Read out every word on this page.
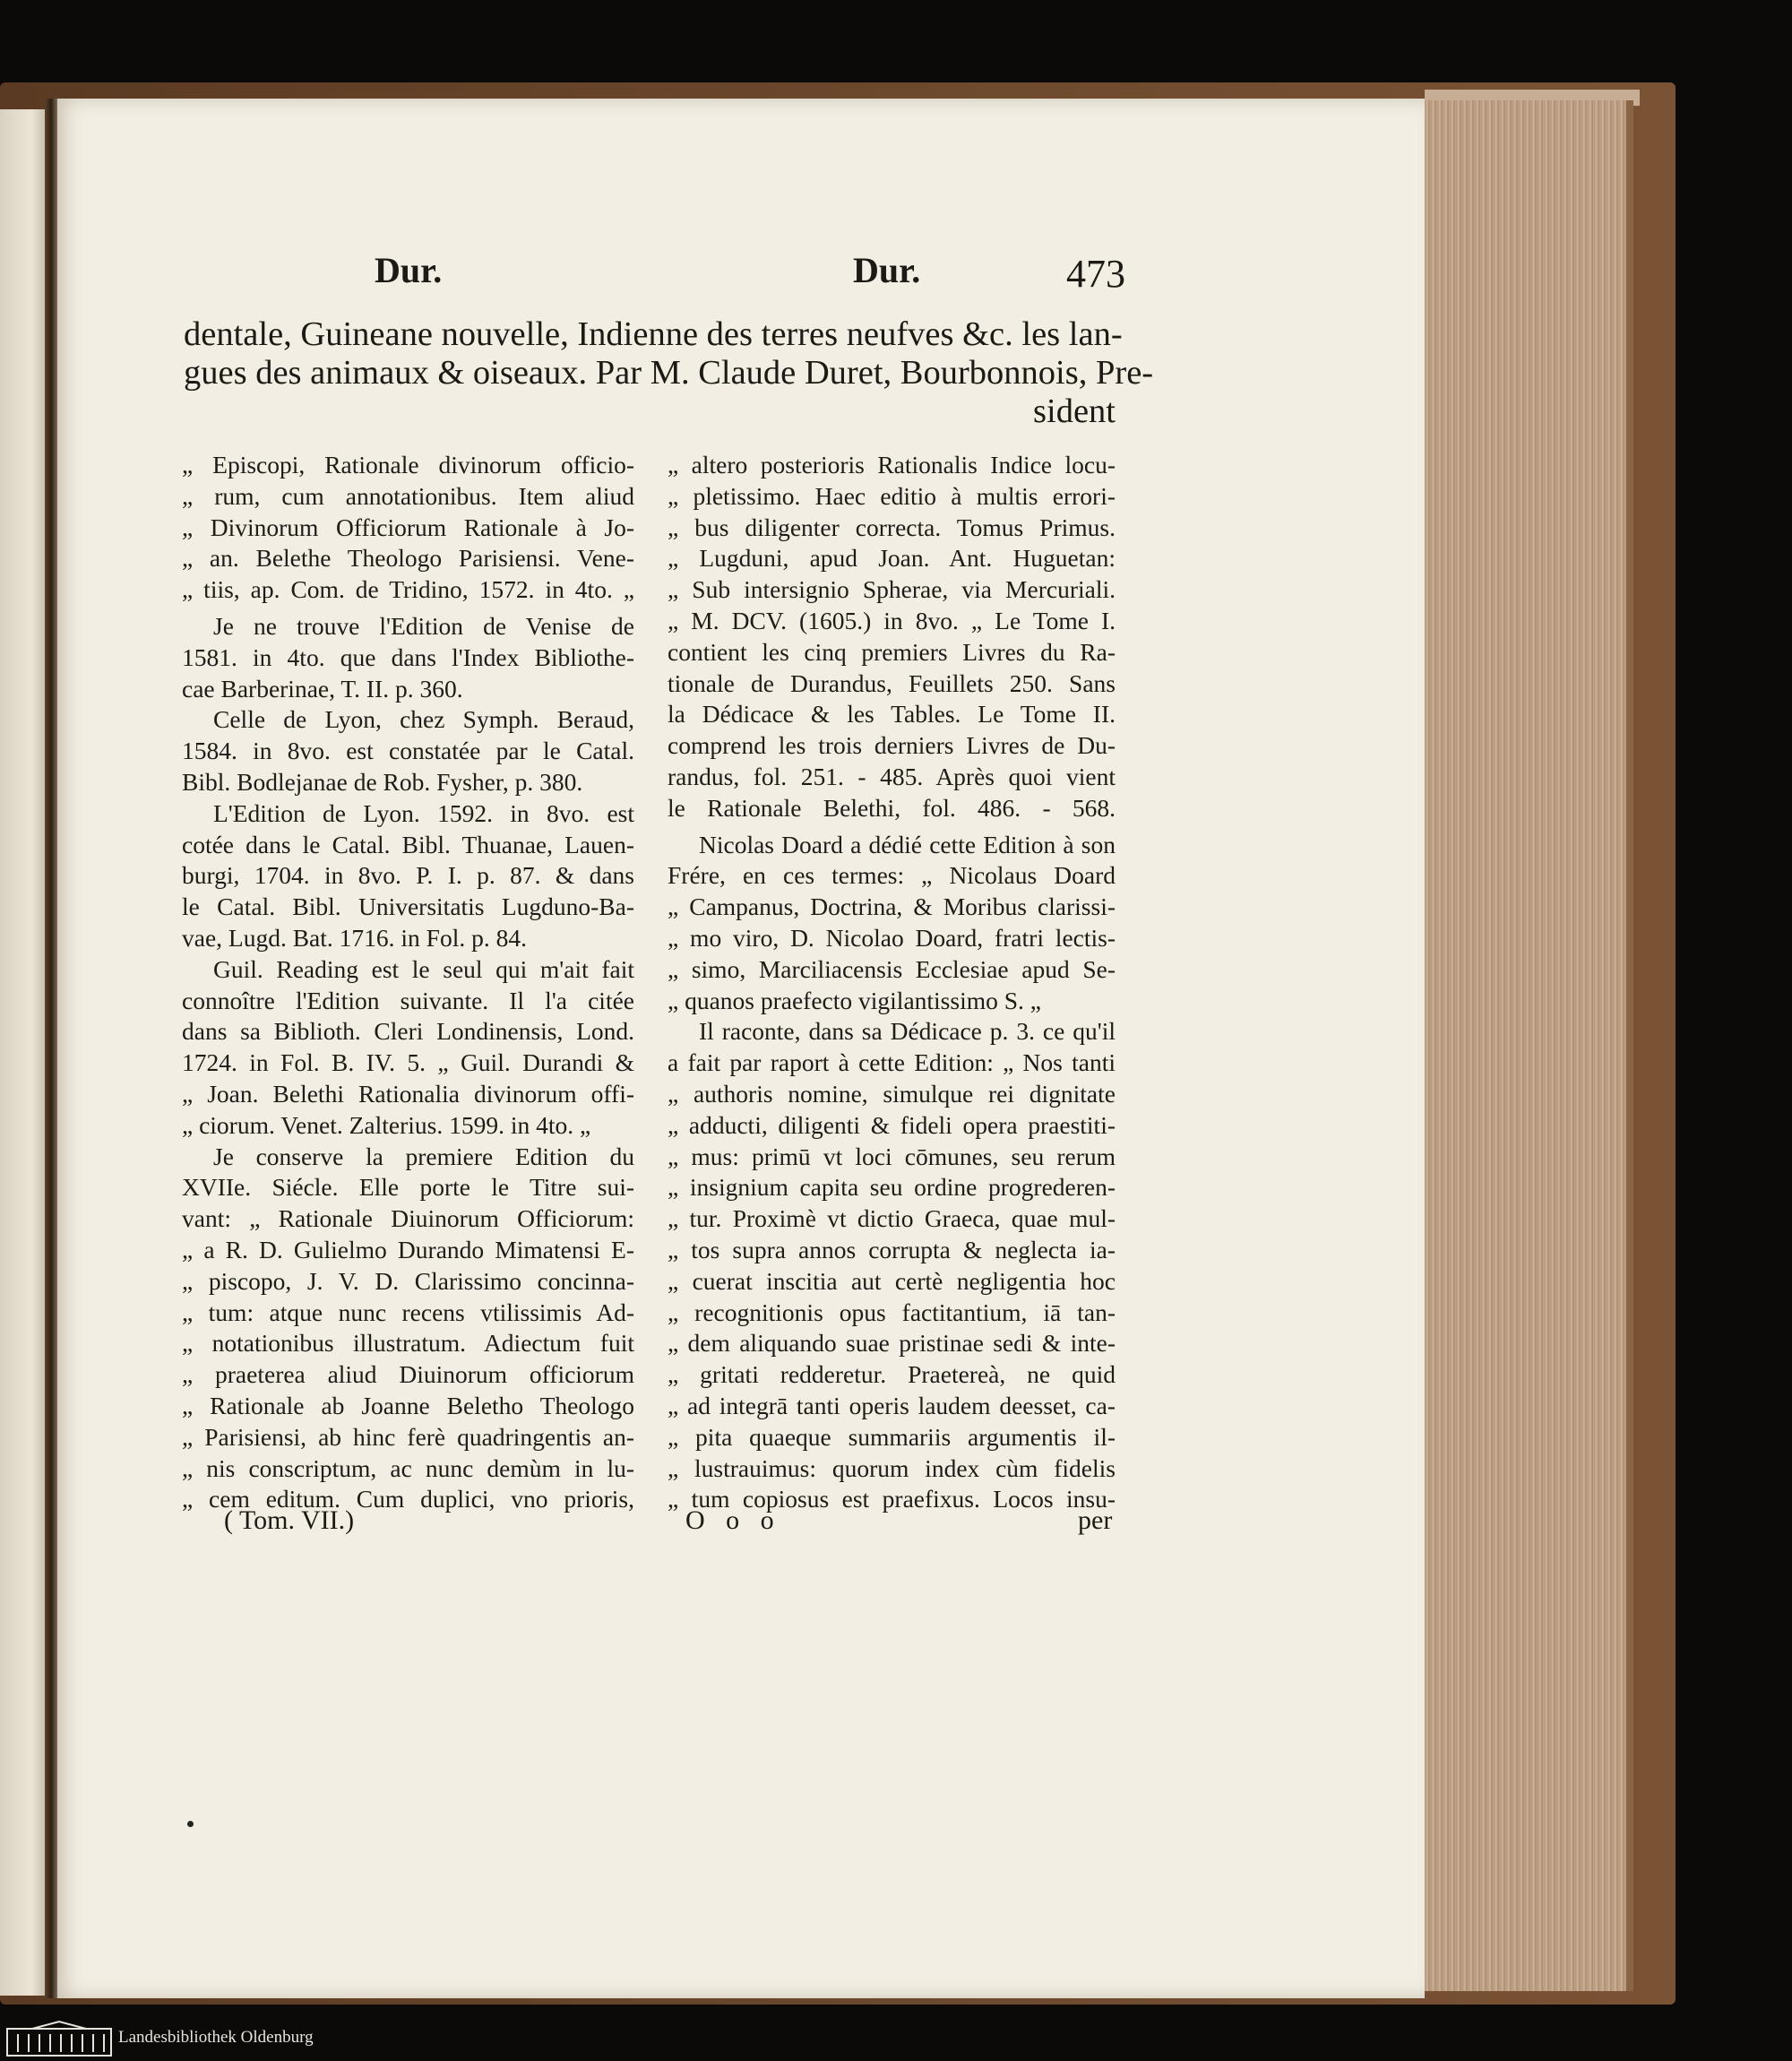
Dur.	Dur.	473
dentale, Guineane nouvelle, Indienne des terres neufves &c. les lan-
gues des animaux & oiseaux. Par M. Claude Duret, Bourbonnois, Pre-
sident
„ Episcopi, Rationale divinorum officio-
„ rum, cum annotationibus. Item aliud
„ Divinorum Officiorum Rationale à Jo-
„ an. Belethe Theologo Parisiensi. Vene-
„ tiis, ap. Com. de Tridino, 1572. in 4to. „
Je ne trouve l'Edition de Venise de
1581. in 4to. que dans l'Index Bibliothe-
cae Barberinae, T. II. p. 360.
Celle de Lyon, chez Symph. Beraud,
1584. in 8vo. est constatée par le Catal.
Bibl. Bodlejanae de Rob. Fysher, p. 380.
L'Edition de Lyon. 1592. in 8vo. est
cotée dans le Catal. Bibl. Thuanae, Lauen-
burgi, 1704. in 8vo. P. I. p. 87. & dans
le Catal. Bibl. Universitatis Lugduno-Ba-
vae, Lugd. Bat. 1716. in Fol. p. 84.
Guil. Reading est le seul qui m'ait fait
connoître l'Edition suivante. Il l'a citée
dans sa Biblioth. Cleri Londinensis, Lond.
1724. in Fol. B. IV. 5. „ Guil. Durandi &
„ Joan. Belethi Rationalia divinorum offi-
„ ciorum. Venet. Zalterius. 1599. in 4to. „
Je conserve la premiere Edition du
XVIIe. Siécle. Elle porte le Titre sui-
vant: „ Rationale Diuinorum Officiorum:
„ a R. D. Gulielmo Durando Mimatensi E-
„ piscopo, J. V. D. Clarissimo concinna-
„ tum: atque nunc recens vtilissimis Ad-
„ notationibus illustratum. Adiectum fuit
„ praeterea aliud Diuinorum officiorum
„ Rationale ab Joanne Beletho Theologo
„ Parisiensi, ab hinc ferè quadringentis an-
„ nis conscriptum, ac nunc demùm in lu-
„ cem editum. Cum duplici, vno prioris,
„ altero posterioris Rationalis Indice locu-
„ pletissimo. Haec editio à multis errori-
„ bus diligenter correcta. Tomus Primus.
„ Lugduni, apud Joan. Ant. Huguetan:
„ Sub intersignio Spherae, via Mercuriali.
„ M. DCV. (1605.) in 8vo. „ Le Tome I.
contient les cinq premiers Livres du Ra-
tionale de Durandus, Feuillets 250. Sans
la Dédicace & les Tables. Le Tome II.
comprend les trois derniers Livres de Du-
randus, fol. 251. - 485. Après quoi vient
le Rationale Belethi, fol. 486. - 568.
Nicolas Doard a dédié cette Edition à son
Frére, en ces termes: „ Nicolaus Doard
„ Campanus, Doctrina, & Moribus clarissi-
„ mo viro, D. Nicolao Doard, fratri lectis-
„ simo, Marciliacensis Ecclesiae apud Se-
„ quanos praefecto vigilantissimo S. „
Il raconte, dans sa Dédicace p. 3. ce qu'il
a fait par raport à cette Edition: „ Nos tanti
„ authoris nomine, simulque rei dignitate
„ adducti, diligenti & fideli opera praestiti-
„ mus: primū vt loci cōmunes, seu rerum
„ insignium capita seu ordine progrederen-
„ tur. Proximè vt dictio Graeca, quae mul-
„ tos supra annos corrupta & neglecta ia-
„ cuerat inscitia aut certè negligentia hoc
„ recognitionis opus factitantium, iā tan-
„ dem aliquando suae pristinae sedi & inte-
„ gritati redderetur. Praetereà, ne quid
„ ad integrā tanti operis laudem deesset, ca-
„ pita quaeque summariis argumentis il-
„ lustrauimus: quorum index cùm fidelis
„ tum copiosus est praefixus. Locos insu-
( Tom. VII.)	O o o	per
Landesbibliothek Oldenburg
